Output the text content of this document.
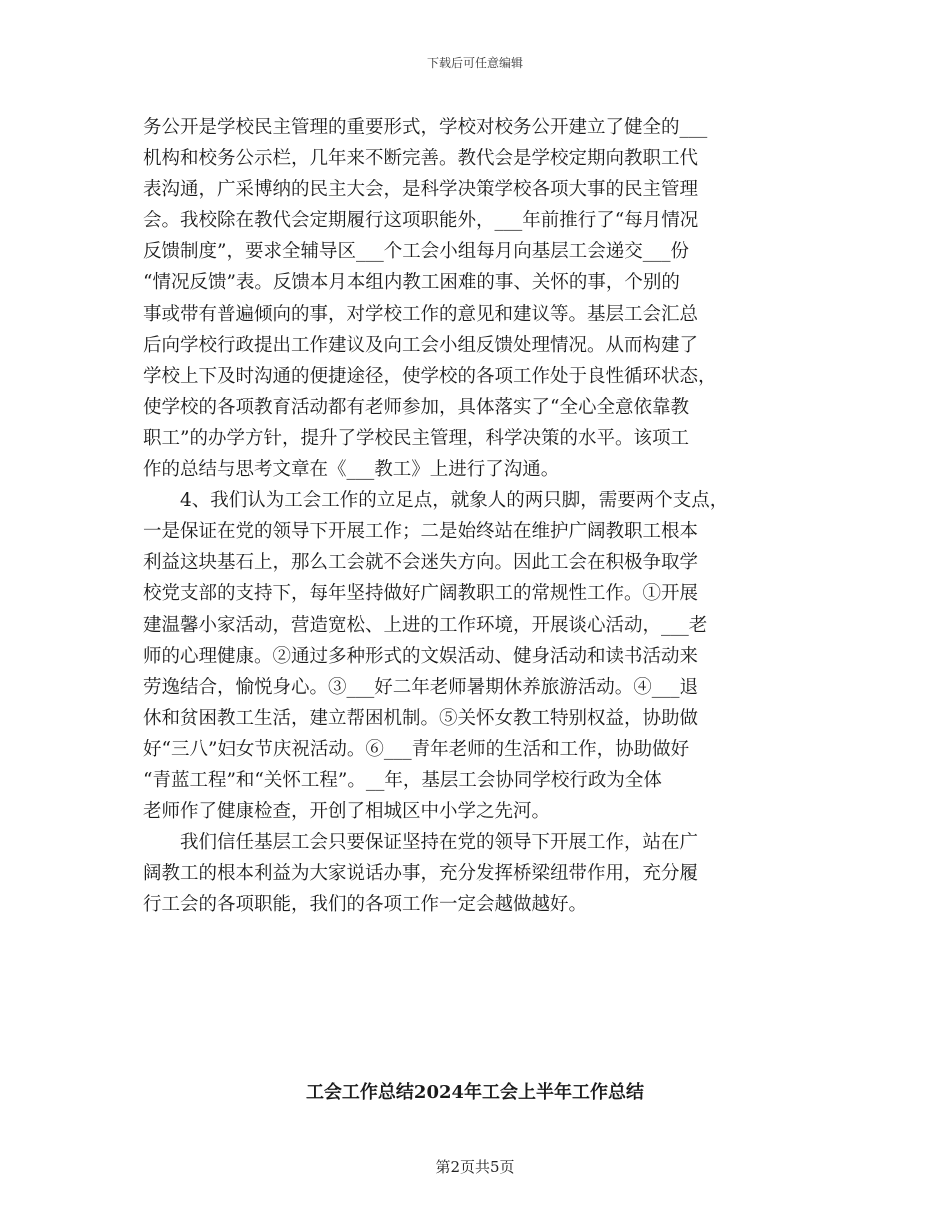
下载后可任意编辑
务公开是学校民主管理的重要形式，学校对校务公开建立了健全的___
机构和校务公示栏，几年来不断完善。教代会是学校定期向教职工代
表沟通，广采博纳的民主大会，是科学决策学校各项大事的民主管理
会。我校除在教代会定期履行这项职能外，___年前推行了“每月情况
反馈制度”，要求全辅导区___个工会小组每月向基层工会递交___份
“情况反馈”表。反馈本月本组内教工困难的事、关怀的事，个别的
事或带有普遍倾向的事，对学校工作的意见和建议等。基层工会汇总
后向学校行政提出工作建议及向工会小组反馈处理情况。从而构建了
学校上下及时沟通的便捷途径，使学校的各项工作处于良性循环状态，
使学校的各项教育活动都有老师参加，具体落实了“全心全意依靠教
职工”的办学方针，提升了学校民主管理，科学决策的水平。该项工
作的总结与思考文章在《___教工》上进行了沟通。
　　4、我们认为工会工作的立足点，就象人的两只脚，需要两个支点，
一是保证在党的领导下开展工作；二是始终站在维护广阔教职工根本
利益这块基石上，那么工会就不会迷失方向。因此工会在积极争取学
校党支部的支持下，每年坚持做好广阔教职工的常规性工作。①开展
建温馨小家活动，营造宽松、上进的工作环境，开展谈心活动，___老
师的心理健康。②通过多种形式的文娱活动、健身活动和读书活动来
劳逸结合，愉悦身心。③___好二年老师暑期休养旅游活动。④___退
休和贫困教工生活，建立帮困机制。⑤关怀女教工特别权益，协助做
好“三八”妇女节庆祝活动。⑥___青年老师的生活和工作，协助做好
“青蓝工程”和“关怀工程”。__年，基层工会协同学校行政为全体
老师作了健康检查，开创了相城区中小学之先河。
　　我们信任基层工会只要保证坚持在党的领导下开展工作，站在广
阔教工的根本利益为大家说话办事，充分发挥桥梁纽带作用，充分履
行工会的各项职能，我们的各项工作一定会越做越好。
工会工作总结2024年工会上半年工作总结
第2页共5页
